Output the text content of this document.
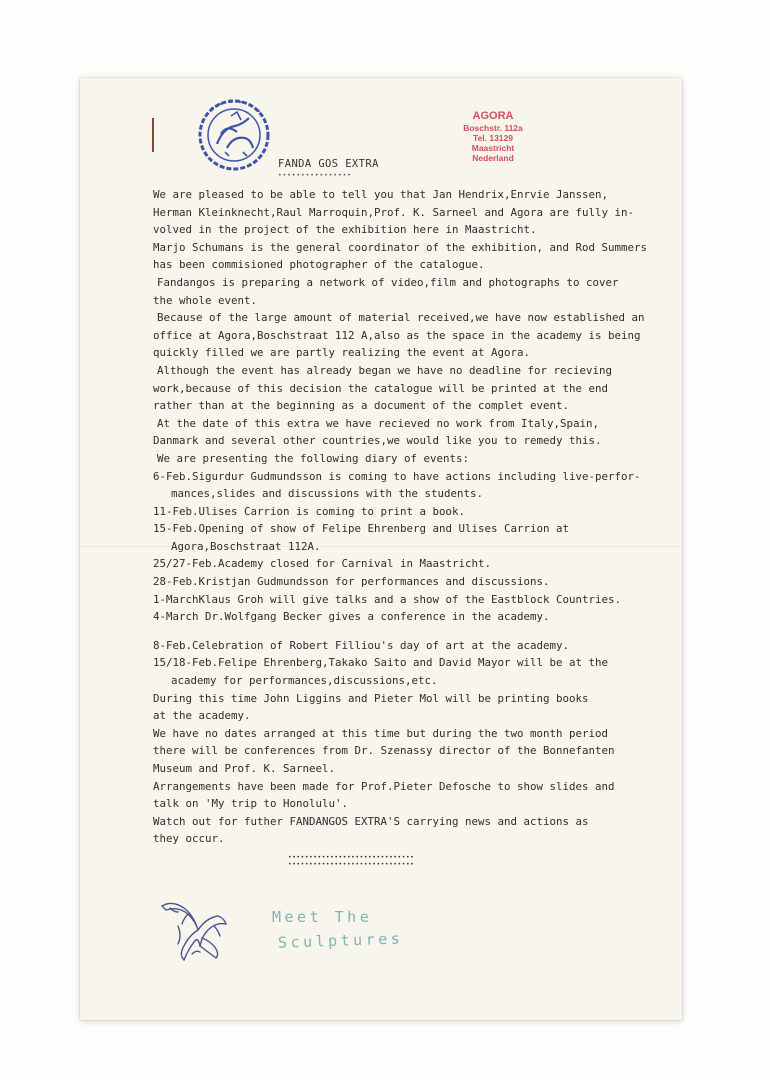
AGORA
Boschstr. 112a
Tel. 13129
Maastricht
Nederland
FANDA GOS EXTRA
••••••••••••••••
We are pleased to be able to tell you that Jan Hendrix,Enrvie Janssen,
Herman Kleinknecht,Raul Marroquin,Prof. K. Sarneel and Agora are fully in-
volved in the project of the exhibition here in Maastricht.
Marjo Schumans is the general coordinator of the exhibition, and Rod Summers
has been commisioned photographer of the catalogue.
Fandangos is preparing a network of video,film and photographs to cover
the whole event.
Because of the large amount of material received,we have now established an
office at Agora,Boschstraat 112 A,also as the space in the academy is being
quickly filled we are partly realizing the event at Agora.
Although the event has already began we have no deadline for recieving
work,because of this decision the catalogue will be printed at the end
rather than at the beginning as a document of the complet event.
At the date of this extra we have recieved no work from Italy,Spain,
Danmark and several other countries,we would like you to remedy this.
We are presenting the following diary of events:
6-Feb.Sigurdur Gudmundsson is coming to have actions including live-perfor-
mances,slides and discussions with the students.
11-Feb.Ulises Carrion is coming to print a book.
15-Feb.Opening of show of Felipe Ehrenberg and Ulises Carrion at
Agora,Boschstraat 112A.
25/27-Feb.Academy closed for Carnival in Maastricht.
28-Feb.Kristjan Gudmundsson for performances and discussions.
1-MarchKlaus Groh will give talks and a show of the Eastblock Countries.
4-March Dr.Wolfgang Becker gives a conference in the academy.
8-Feb.Celebration of Robert Filliou's day of art at the academy.
15/18-Feb.Felipe Ehrenberg,Takako Saito and David Mayor will be at the
academy for performances,discussions,etc.
During this time John Liggins and Pieter Mol will be printing books
at the academy.
We have no dates arranged at this time but during the two month period
there will be conferences from Dr. Szenassy director of the Bonnefanten
Museum and Prof. K. Sarneel.
Arrangements have been made for Prof.Pieter Defosche to show slides and
talk on 'My trip to Honolulu'.
Watch out for futher FANDANGOS EXTRA'S carrying news and actions as
they occur.
••••••••••••••••••••••••••••••
••••••••••••••••••••••••••••••
Meet The
Sculptures
